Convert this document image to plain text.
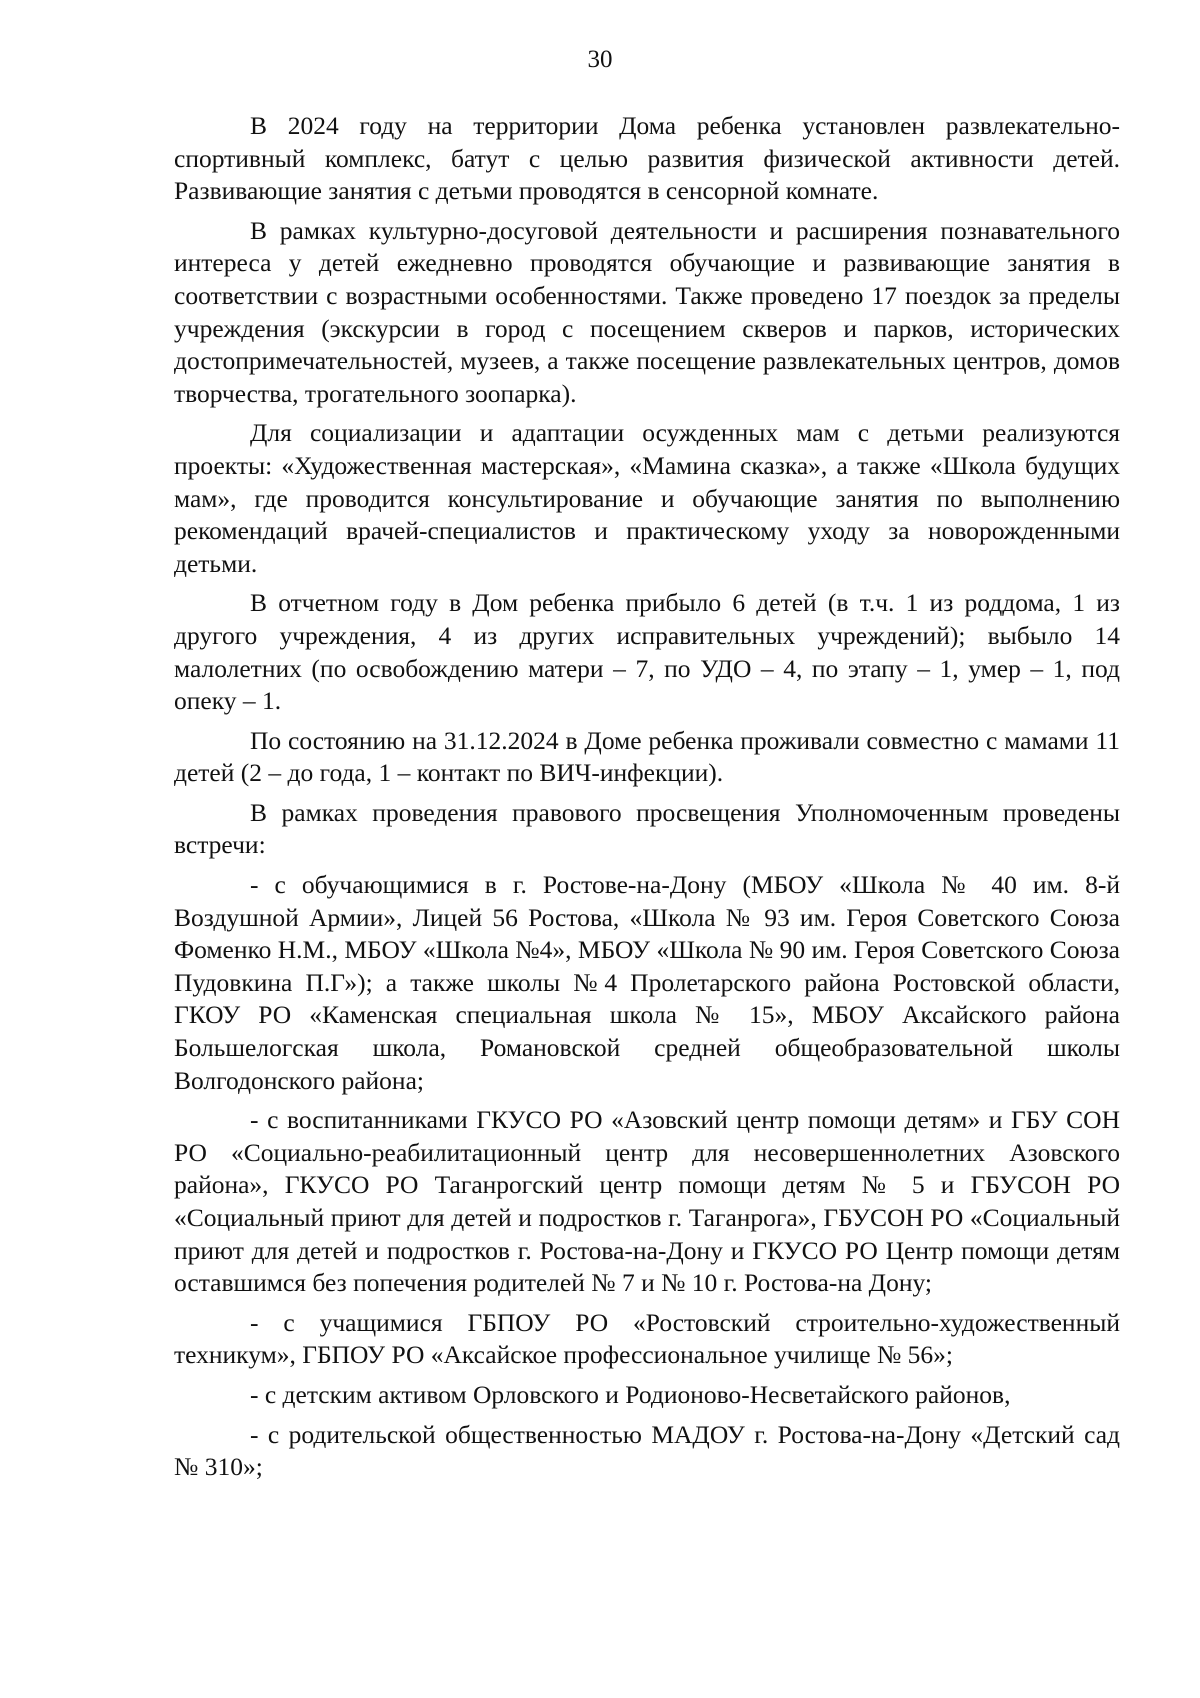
30

В 2024 году на территории Дома ребенка установлен развлекательно-спортивный комплекс, батут с целью развития физической активности детей. Развивающие занятия с детьми проводятся в сенсорной комнате.

В рамках культурно-досуговой деятельности и расширения познавательного интереса у детей ежедневно проводятся обучающие и развивающие занятия в соответствии с возрастными особенностями. Также проведено 17 поездок за пределы учреждения (экскурсии в город с посещением скверов и парков, исторических достопримечательностей, музеев, а также посещение развлекательных центров, домов творчества, трогательного зоопарка).

Для социализации и адаптации осужденных мам с детьми реализуются проекты: «Художественная мастерская», «Мамина сказка», а также «Школа будущих мам», где проводится консультирование и обучающие занятия по выполнению рекомендаций врачей-специалистов и практическому уходу за новорожденными детьми.

В отчетном году в Дом ребенка прибыло 6 детей (в т.ч. 1 из роддома, 1 из другого учреждения, 4 из других исправительных учреждений); выбыло 14 малолетних (по освобождению матери – 7, по УДО – 4, по этапу – 1, умер – 1, под опеку – 1.

По состоянию на 31.12.2024 в Доме ребенка проживали совместно с мамами 11 детей (2 – до года, 1 – контакт по ВИЧ-инфекции).

В рамках проведения правового просвещения Уполномоченным проведены встречи:

- с обучающимися в г. Ростове-на-Дону (МБОУ «Школа № 40 им. 8-й Воздушной Армии», Лицей 56 Ростова, «Школа № 93 им. Героя Советского Союза Фоменко Н.М., МБОУ «Школа №4», МБОУ «Школа № 90 им. Героя Советского Союза Пудовкина П.Г»); а также школы №4 Пролетарского района Ростовской области, ГКОУ РО «Каменская специальная школа № 15», МБОУ Аксайского района Большелогская школа, Романовской средней общеобразовательной школы Волгодонского района;

- с воспитанниками ГКУСО РО «Азовский центр помощи детям» и ГБУ СОН РО «Социально-реабилитационный центр для несовершеннолетних Азовского района», ГКУСО РО Таганрогский центр помощи детям № 5 и ГБУСОН РО «Социальный приют для детей и подростков г. Таганрога», ГБУСОН РО «Социальный приют для детей и подростков г. Ростова-на-Дону и ГКУСО РО Центр помощи детям оставшимся без попечения родителей № 7 и № 10 г. Ростова-на Дону;

- с учащимися ГБПОУ РО «Ростовский строительно-художественный техникум», ГБПОУ РО «Аксайское профессиональное училище № 56»;

- с детским активом Орловского и Родионово-Несветайского районов,

- с родительской общественностью МАДОУ г. Ростова-на-Дону «Детский сад № 310»;
